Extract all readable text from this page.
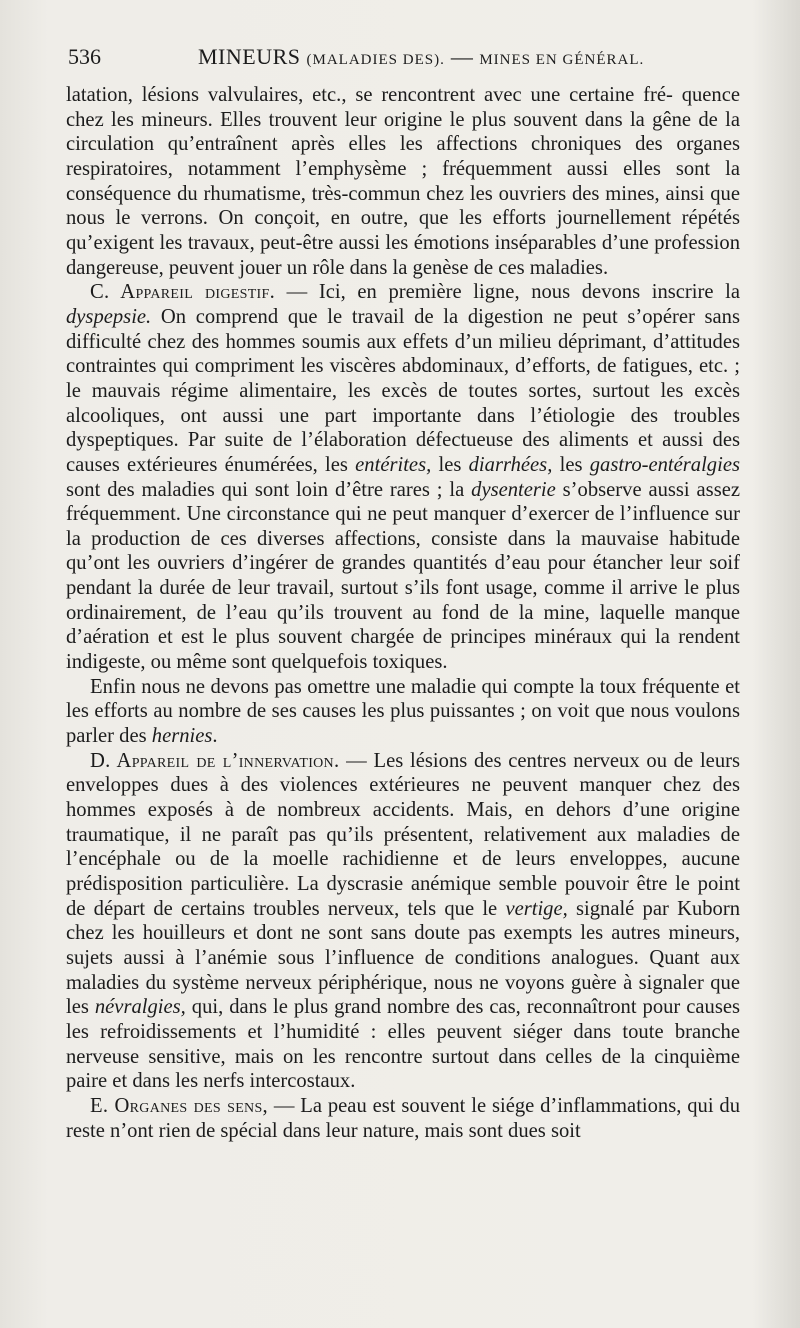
536	MINEURS (MALADIES DES). — MINES EN GÉNÉRAL.

latation, lésions valvulaires, etc., se rencontrent avec une certaine fré- quence chez les mineurs. Elles trouvent leur origine le plus souvent dans la gêne de la circulation qu’entraînent après elles les affections chroniques des organes respiratoires, notamment l’emphysème ; fréquemment aussi elles sont la conséquence du rhumatisme, très-commun chez les ouvriers des mines, ainsi que nous le verrons. On conçoit, en outre, que les efforts journellement répétés qu’exigent les travaux, peut-être aussi les émotions inséparables d’une profession dangereuse, peuvent jouer un rôle dans la genèse de ces maladies.

C. Appareil digestif. — Ici, en première ligne, nous devons inscrire la dyspepsie. On comprend que le travail de la digestion ne peut s’opérer sans difficulté chez des hommes soumis aux effets d’un milieu déprimant, d’attitudes contraintes qui compriment les viscères abdominaux, d’efforts, de fatigues, etc. ; le mauvais régime alimentaire, les excès de toutes sortes, surtout les excès alcooliques, ont aussi une part importante dans l’étiologie des troubles dyspeptiques. Par suite de l’élaboration défectueuse des aliments et aussi des causes extérieures énumérées, les entérites, les diarrhées, les gastro-entéralgies sont des maladies qui sont loin d’être rares ; la dysenterie s’observe aussi assez fréquemment. Une circonstance qui ne peut manquer d’exercer de l’influence sur la production de ces diverses affections, consiste dans la mauvaise habitude qu’ont les ouvriers d’ingérer de grandes quantités d’eau pour étancher leur soif pendant la durée de leur travail, surtout s’ils font usage, comme il arrive le plus ordinairement, de l’eau qu’ils trouvent au fond de la mine, laquelle manque d’aération et est le plus souvent chargée de principes minéraux qui la rendent indigeste, ou même sont quelquefois toxiques.

Enfin nous ne devons pas omettre une maladie qui compte la toux fréquente et les efforts au nombre de ses causes les plus puissantes ; on voit que nous voulons parler des hernies.

D. Appareil de l’innervation. — Les lésions des centres nerveux ou de leurs enveloppes dues à des violences extérieures ne peuvent manquer chez des hommes exposés à de nombreux accidents. Mais, en dehors d’une origine traumatique, il ne paraît pas qu’ils présentent, relativement aux maladies de l’encéphale ou de la moelle rachidienne et de leurs enveloppes, aucune prédisposition particulière. La dyscrasie anémique semble pouvoir être le point de départ de certains troubles nerveux, tels que le vertige, signalé par Kuborn chez les houilleurs et dont ne sont sans doute pas exempts les autres mineurs, sujets aussi à l’anémie sous l’influence de conditions analogues. Quant aux maladies du système nerveux périphérique, nous ne voyons guère à signaler que les névralgies, qui, dans le plus grand nombre des cas, reconnaîtront pour causes les refroidissements et l’humidité : elles peuvent siéger dans toute branche nerveuse sensitive, mais on les rencontre surtout dans celles de la cinquième paire et dans les nerfs intercostaux.

E. Organes des sens, — La peau est souvent le siége d’inflammations, qui du reste n’ont rien de spécial dans leur nature, mais sont dues soit
